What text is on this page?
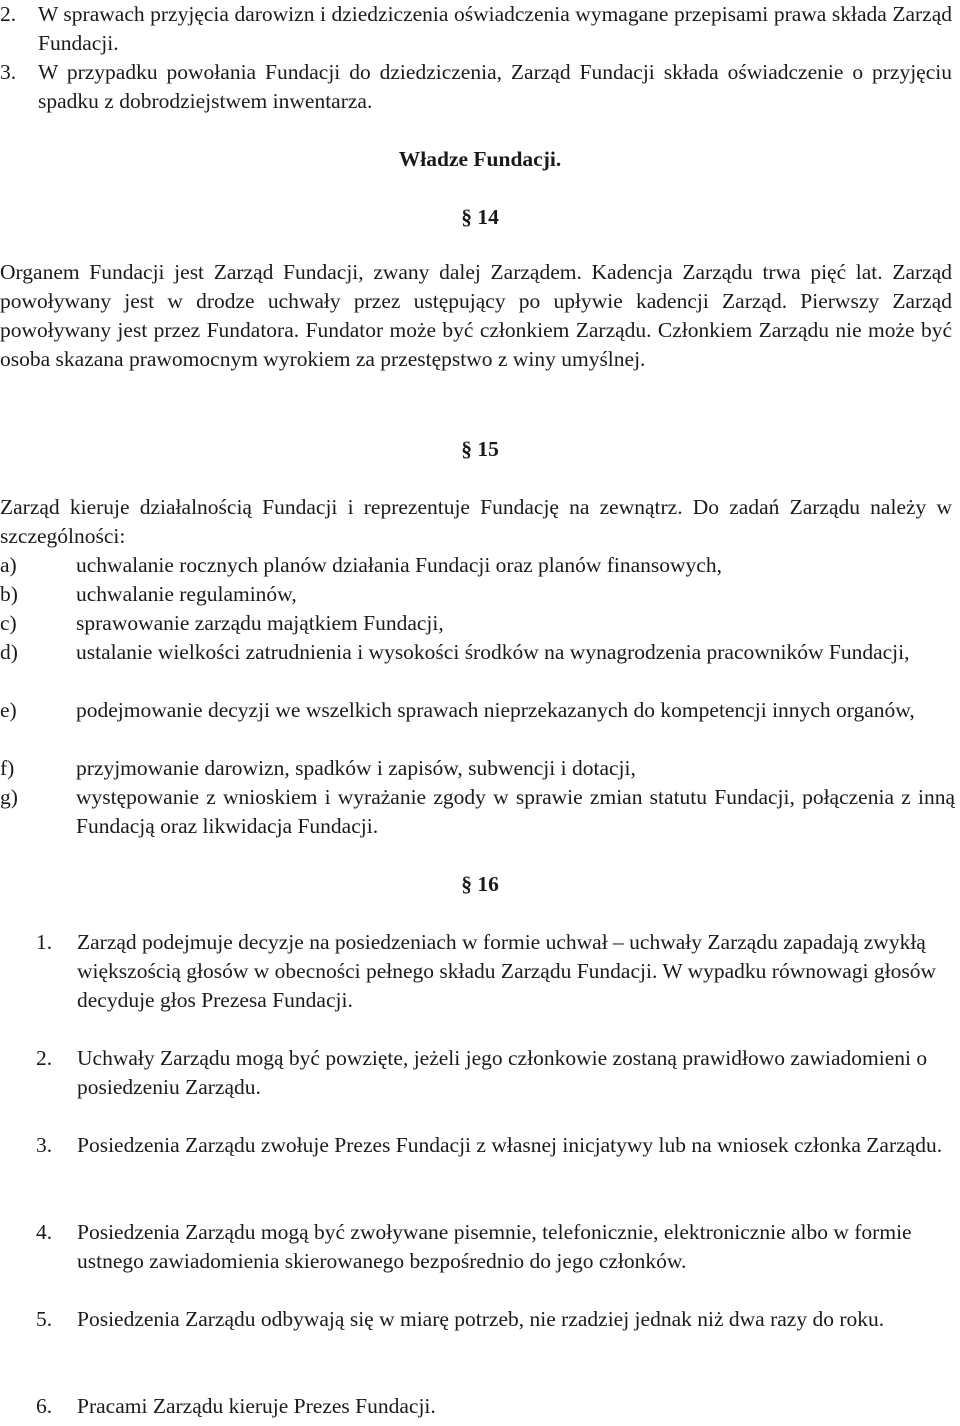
2. W sprawach przyjęcia darowizn i dziedziczenia oświadczenia wymagane przepisami prawa składa Zarząd Fundacji.
3. W przypadku powołania Fundacji do dziedziczenia, Zarząd Fundacji składa oświadczenie o przyjęciu spadku z dobrodziejstwem inwentarza.
Władze Fundacji.
§ 14
Organem Fundacji jest Zarząd Fundacji, zwany dalej Zarządem. Kadencja Zarządu trwa pięć lat. Zarząd powoływany jest w drodze uchwały przez ustępujący po upływie kadencji Zarząd. Pierwszy Zarząd powoływany jest przez Fundatora. Fundator może być członkiem Zarządu. Członkiem Zarządu nie może być osoba skazana prawomocnym wyrokiem za przestępstwo z winy umyślnej.
§ 15
Zarząd kieruje działalnością Fundacji i reprezentuje Fundację na zewnątrz. Do zadań Zarządu należy w szczególności:
a)	uchwalanie rocznych planów działania Fundacji oraz planów finansowych,
b)	uchwalanie regulaminów,
c)	sprawowanie zarządu majątkiem Fundacji,
d)	ustalanie wielkości zatrudnienia i wysokości środków na wynagrodzenia pracowników Fundacji,
e)	podejmowanie decyzji we wszelkich sprawach nieprzekazanych do kompetencji innych organów,
f)	przyjmowanie darowizn, spadków i zapisów, subwencji i dotacji,
g)	występowanie z wnioskiem i wyrażanie zgody w sprawie zmian statutu Fundacji, połączenia z inną Fundacją oraz likwidacja Fundacji.
§ 16
1. Zarząd podejmuje decyzje na posiedzeniach w formie uchwał – uchwały Zarządu zapadają zwykłą większością głosów w obecności pełnego składu Zarządu Fundacji. W wypadku równowagi głosów decyduje głos Prezesa Fundacji.
2. Uchwały Zarządu mogą być powzięte, jeżeli jego członkowie zostaną prawidłowo zawiadomieni o posiedzeniu Zarządu.
3. Posiedzenia Zarządu zwołuje Prezes Fundacji z własnej inicjatywy lub na wniosek członka Zarządu.
4. Posiedzenia Zarządu mogą być zwoływane pisemnie, telefonicznie, elektronicznie albo w formie ustnego zawiadomienia skierowanego bezpośrednio do jego członków.
5. Posiedzenia Zarządu odbywają się w miarę potrzeb, nie rzadziej jednak niż dwa razy do roku.
6. Pracami Zarządu kieruje Prezes Fundacji.
